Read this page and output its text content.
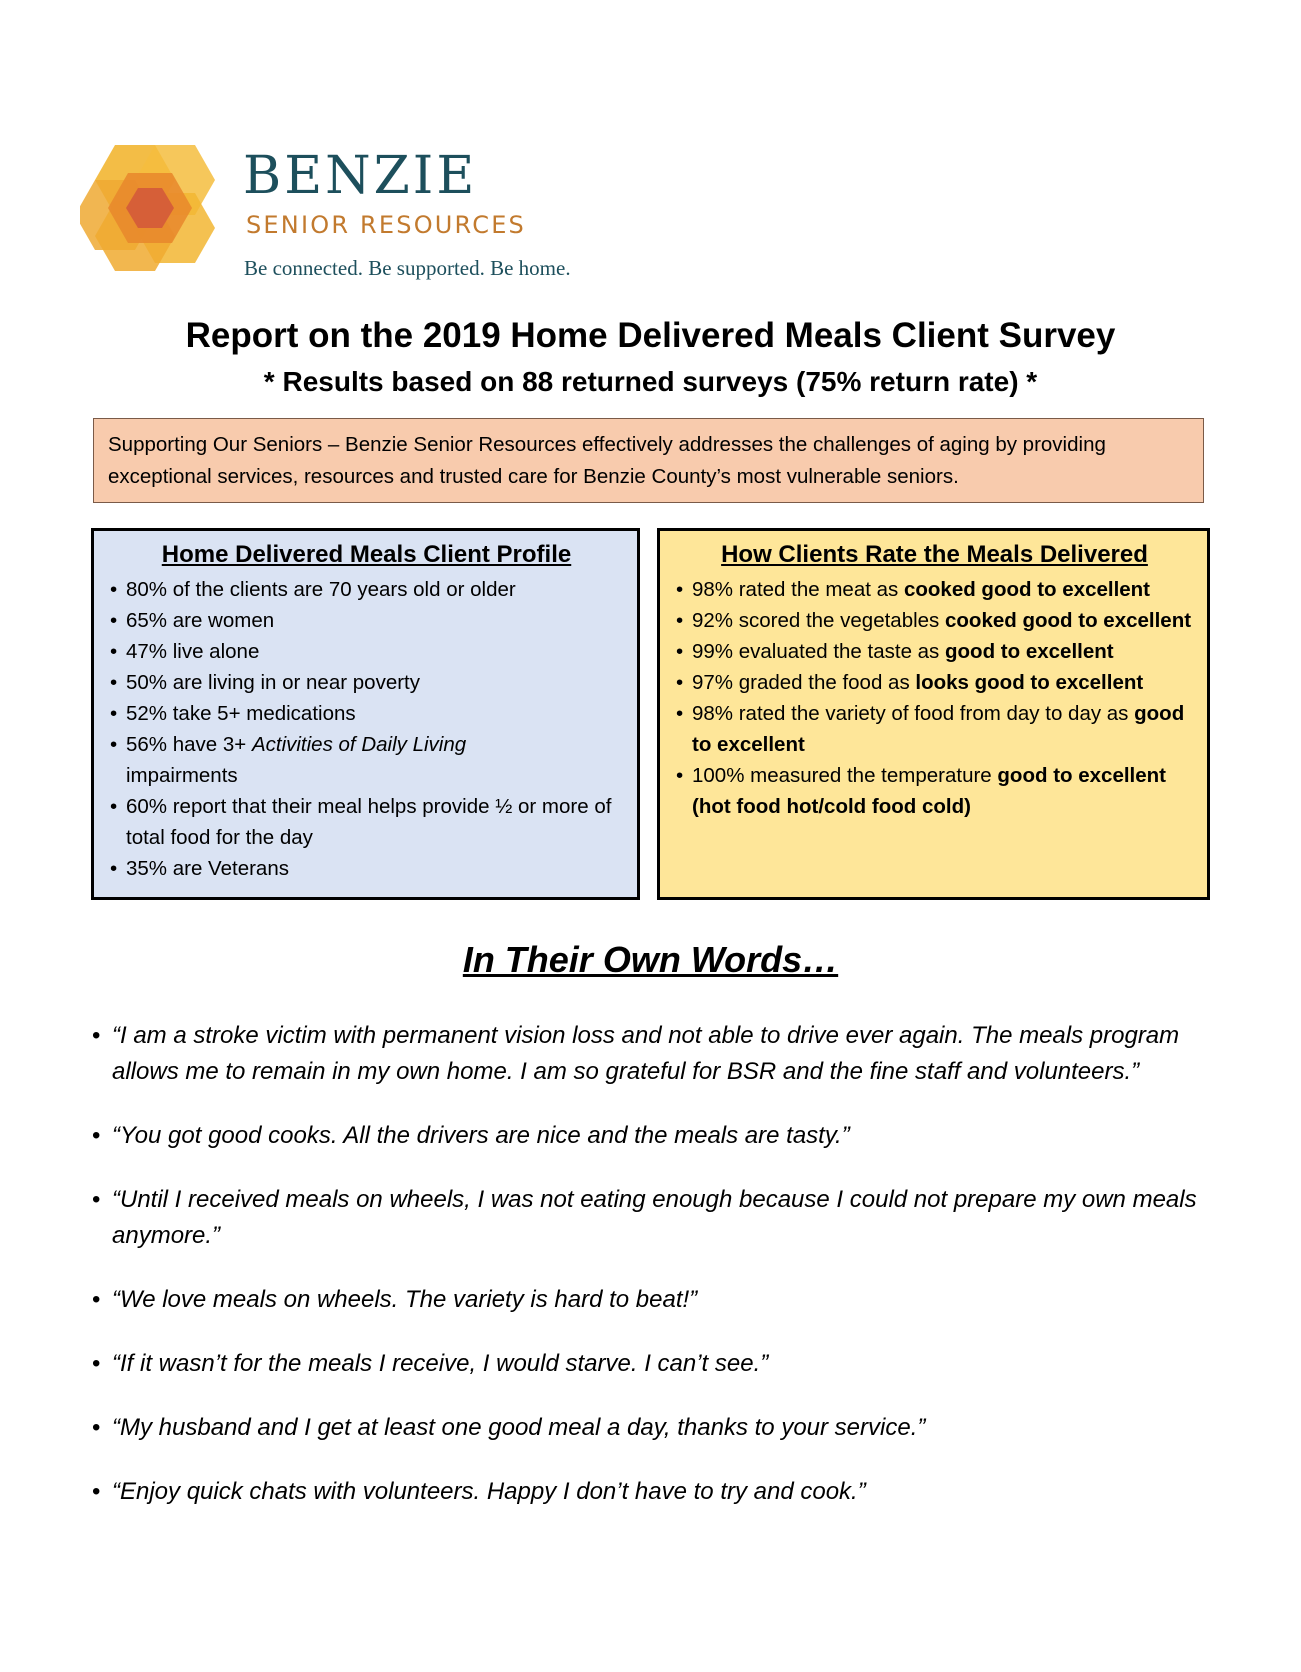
BENZIE
SENIOR RESOURCES
Be connected. Be supported. Be home.
Report on the 2019 Home Delivered Meals Client Survey
* Results based on 88 returned surveys (75% return rate) *
Supporting Our Seniors – Benzie Senior Resources effectively addresses the challenges of aging by providing exceptional services, resources and trusted care for Benzie County’s most vulnerable seniors.
Home Delivered Meals Client Profile
• 80% of the clients are 70 years old or older
• 65% are women
• 47% live alone
• 50% are living in or near poverty
• 52% take 5+ medications
• 56% have 3+ Activities of Daily Living
impairments
• 60% report that their meal helps provide ½ or more of total food for the day
• 35% are Veterans
How Clients Rate the Meals Delivered
• 98% rated the meat as cooked good to excellent
• 92% scored the vegetables cooked good to excellent
• 99% evaluated the taste as good to excellent
• 97% graded the food as looks good to excellent
• 98% rated the variety of food from day to day as good to excellent
• 100% measured the temperature good to excellent (hot food hot/cold food cold)
In Their Own Words…
• “I am a stroke victim with permanent vision loss and not able to drive ever again. The meals program allows me to remain in my own home. I am so grateful for BSR and the fine staff and volunteers.”
• “You got good cooks. All the drivers are nice and the meals are tasty.”
• “Until I received meals on wheels, I was not eating enough because I could not prepare my own meals anymore.”
• “We love meals on wheels. The variety is hard to beat!”
• “If it wasn’t for the meals I receive, I would starve. I can’t see.”
• “My husband and I get at least one good meal a day, thanks to your service.”
• “Enjoy quick chats with volunteers. Happy I don’t have to try and cook.”
